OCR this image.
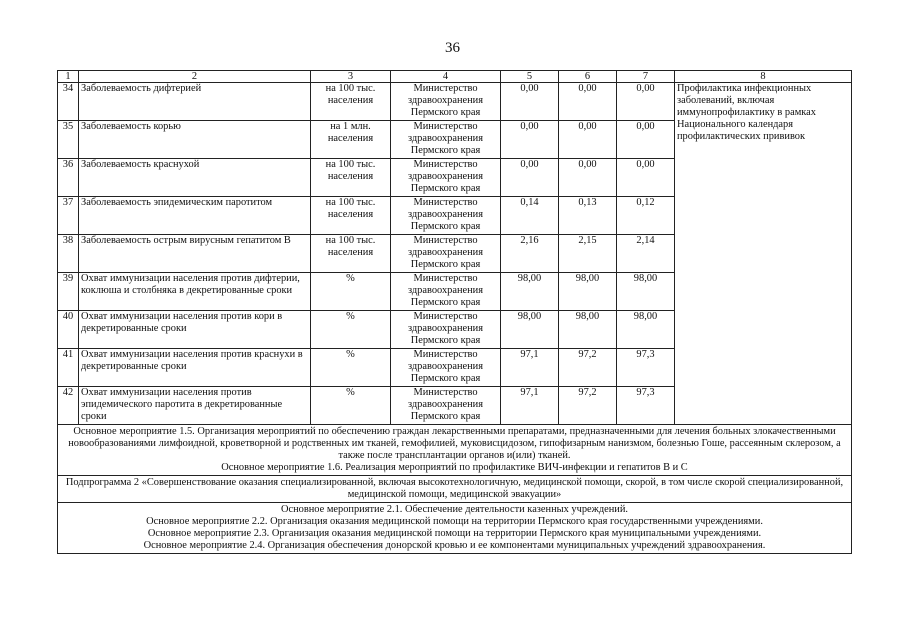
36
1	2	3	4	5	6	7	8
34	Заболеваемость дифтерией	на 100 тыс. населения	Министерство здравоохранения Пермского края	0,00	0,00	0,00	Профилактика инфекционных заболеваний, включая иммунопрофилактику в рамках Национального календаря профилактических прививок
35	Заболеваемость корью	на 1 млн. населения	Министерство здравоохранения Пермского края	0,00	0,00	0,00	
36	Заболеваемость краснухой	на 100 тыс. населения	Министерство здравоохранения Пермского края	0,00	0,00	0,00	
37	Заболеваемость эпидемическим паротитом	на 100 тыс. населения	Министерство здравоохранения Пермского края	0,14	0,13	0,12	
38	Заболеваемость острым вирусным гепатитом В	на 100 тыс. населения	Министерство здравоохранения Пермского края	2,16	2,15	2,14	
39	Охват иммунизации населения против дифтерии, коклюша и столбняка в декретированные сроки	%	Министерство здравоохранения Пермского края	98,00	98,00	98,00	
40	Охват иммунизации населения против кори в декретированные сроки	%	Министерство здравоохранения Пермского края	98,00	98,00	98,00	
41	Охват иммунизации населения против краснухи в декретированные сроки	%	Министерство здравоохранения Пермского края	97,1	97,2	97,3	
42	Охват иммунизации населения против эпидемического паротита в декретированные сроки	%	Министерство здравоохранения Пермского края	97,1	97,2	97,3	

Основное мероприятие 1.5. Организация мероприятий по обеспечению граждан лекарственными препаратами, предназначенными для лечения больных злокачественными новообразованиями лимфоидной, кроветворной и родственных им тканей, гемофилией, муковисцидозом, гипофизарным нанизмом, болезнью Гоше, рассеянным склерозом, а также после трансплантации органов и(или) тканей.
Основное мероприятие 1.6. Реализация мероприятий по профилактике ВИЧ-инфекции и гепатитов В и С							

Подпрограмма 2 «Совершенствование оказания специализированной, включая высокотехнологичную, медицинской помощи, скорой, в том числе скорой специализированной, медицинской помощи, медицинской эвакуации»							

Основное мероприятие 2.1. Обеспечение деятельности казенных учреждений.
Основное мероприятие 2.2. Организация оказания медицинской помощи на территории Пермского края государственными учреждениями.
Основное мероприятие 2.3. Организация оказания медицинской помощи на территории Пермского края муниципальными учреждениями.
Основное мероприятие 2.4. Организация обеспечения донорской кровью и ее компонентами муниципальных учреждений здравоохранения.							
